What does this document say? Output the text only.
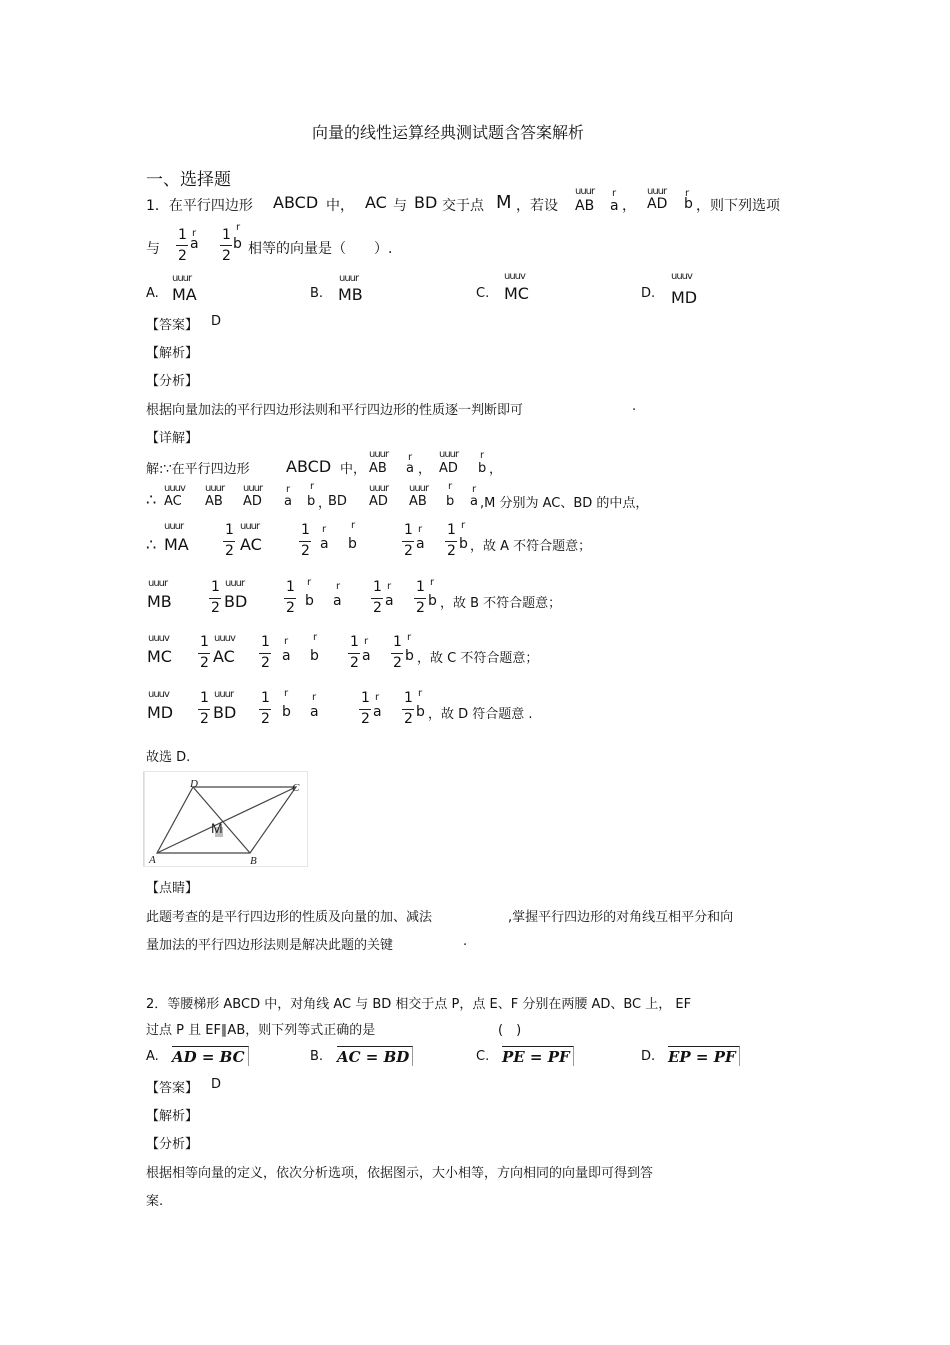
向量的线性运算经典测试题含答案解析
一、选择题
1．在平行四边形 ABCD 中， AC 与 BD 交于点 M ，若设
uuur
AB
r
a ，
uuur
AD
r
b ，则下列选项
与
1
2
r
a
1
2
r
b 相等的向量是（　　）.
A.
uuur
MA	B.
uuur
MB	C.
uuuv
MC	D.
uuuv
MD
【答案】 D
【解析】
【分析】
根据向量加法的平行四边形法则和平行四边形的性质逐一判断即可	.
【详解】
解:∵在平行四边形 ABCD 中，
uuur
AB
r
a ，
uuur
AD
r
b ，
∴
uuuv
AC
uuur
AB
uuur
AD
r
a
r
b ，
BD
uuur
AD
uuur
AB
r
b
r
a ,M 分别为 AC、BD 的中点，
∴
uuur
MA
1
2
uuur
AC
1
2
r
a
r
b
1
2
r
a
1
2
r
b ，故 A 不符合题意；
uuur
MB
1
2
uuur
BD
1
2
r
b
r
a
1
2
r
a
1
2
r
b ，故 B 不符合题意；
uuuv
MC
1
2
uuuv
AC
1
2
r
a
r
b
1
2
r
a
1
2
r
b ，故 C 不符合题意；
uuuv
MD
1
2
uuur
BD
1
2
r
b
r
a
1
2
r
a
1
2
r
b ，故 D 符合题意 .
故选 D.
A	B
C
D
M
【点睛】
此题考查的是平行四边形的性质及向量的加、减法	,掌握平行四边形的对角线互相平分和向
量加法的平行四边形法则是解决此题的关键	.
2．等腰梯形 ABCD 中，对角线 AC 与 BD 相交于点 P，点 E、F 分别在两腰 AD、BC 上， EF
过点 P 且 EF∥AB，则下列等式正确的是	(　)
A. AD = BC	B. AC = BD	C. PE = PF	D. EP = PF
【答案】 D
【解析】
【分析】
根据相等向量的定义，依次分析选项，依据图示，大小相等，方向相同的向量即可得到答
案.
